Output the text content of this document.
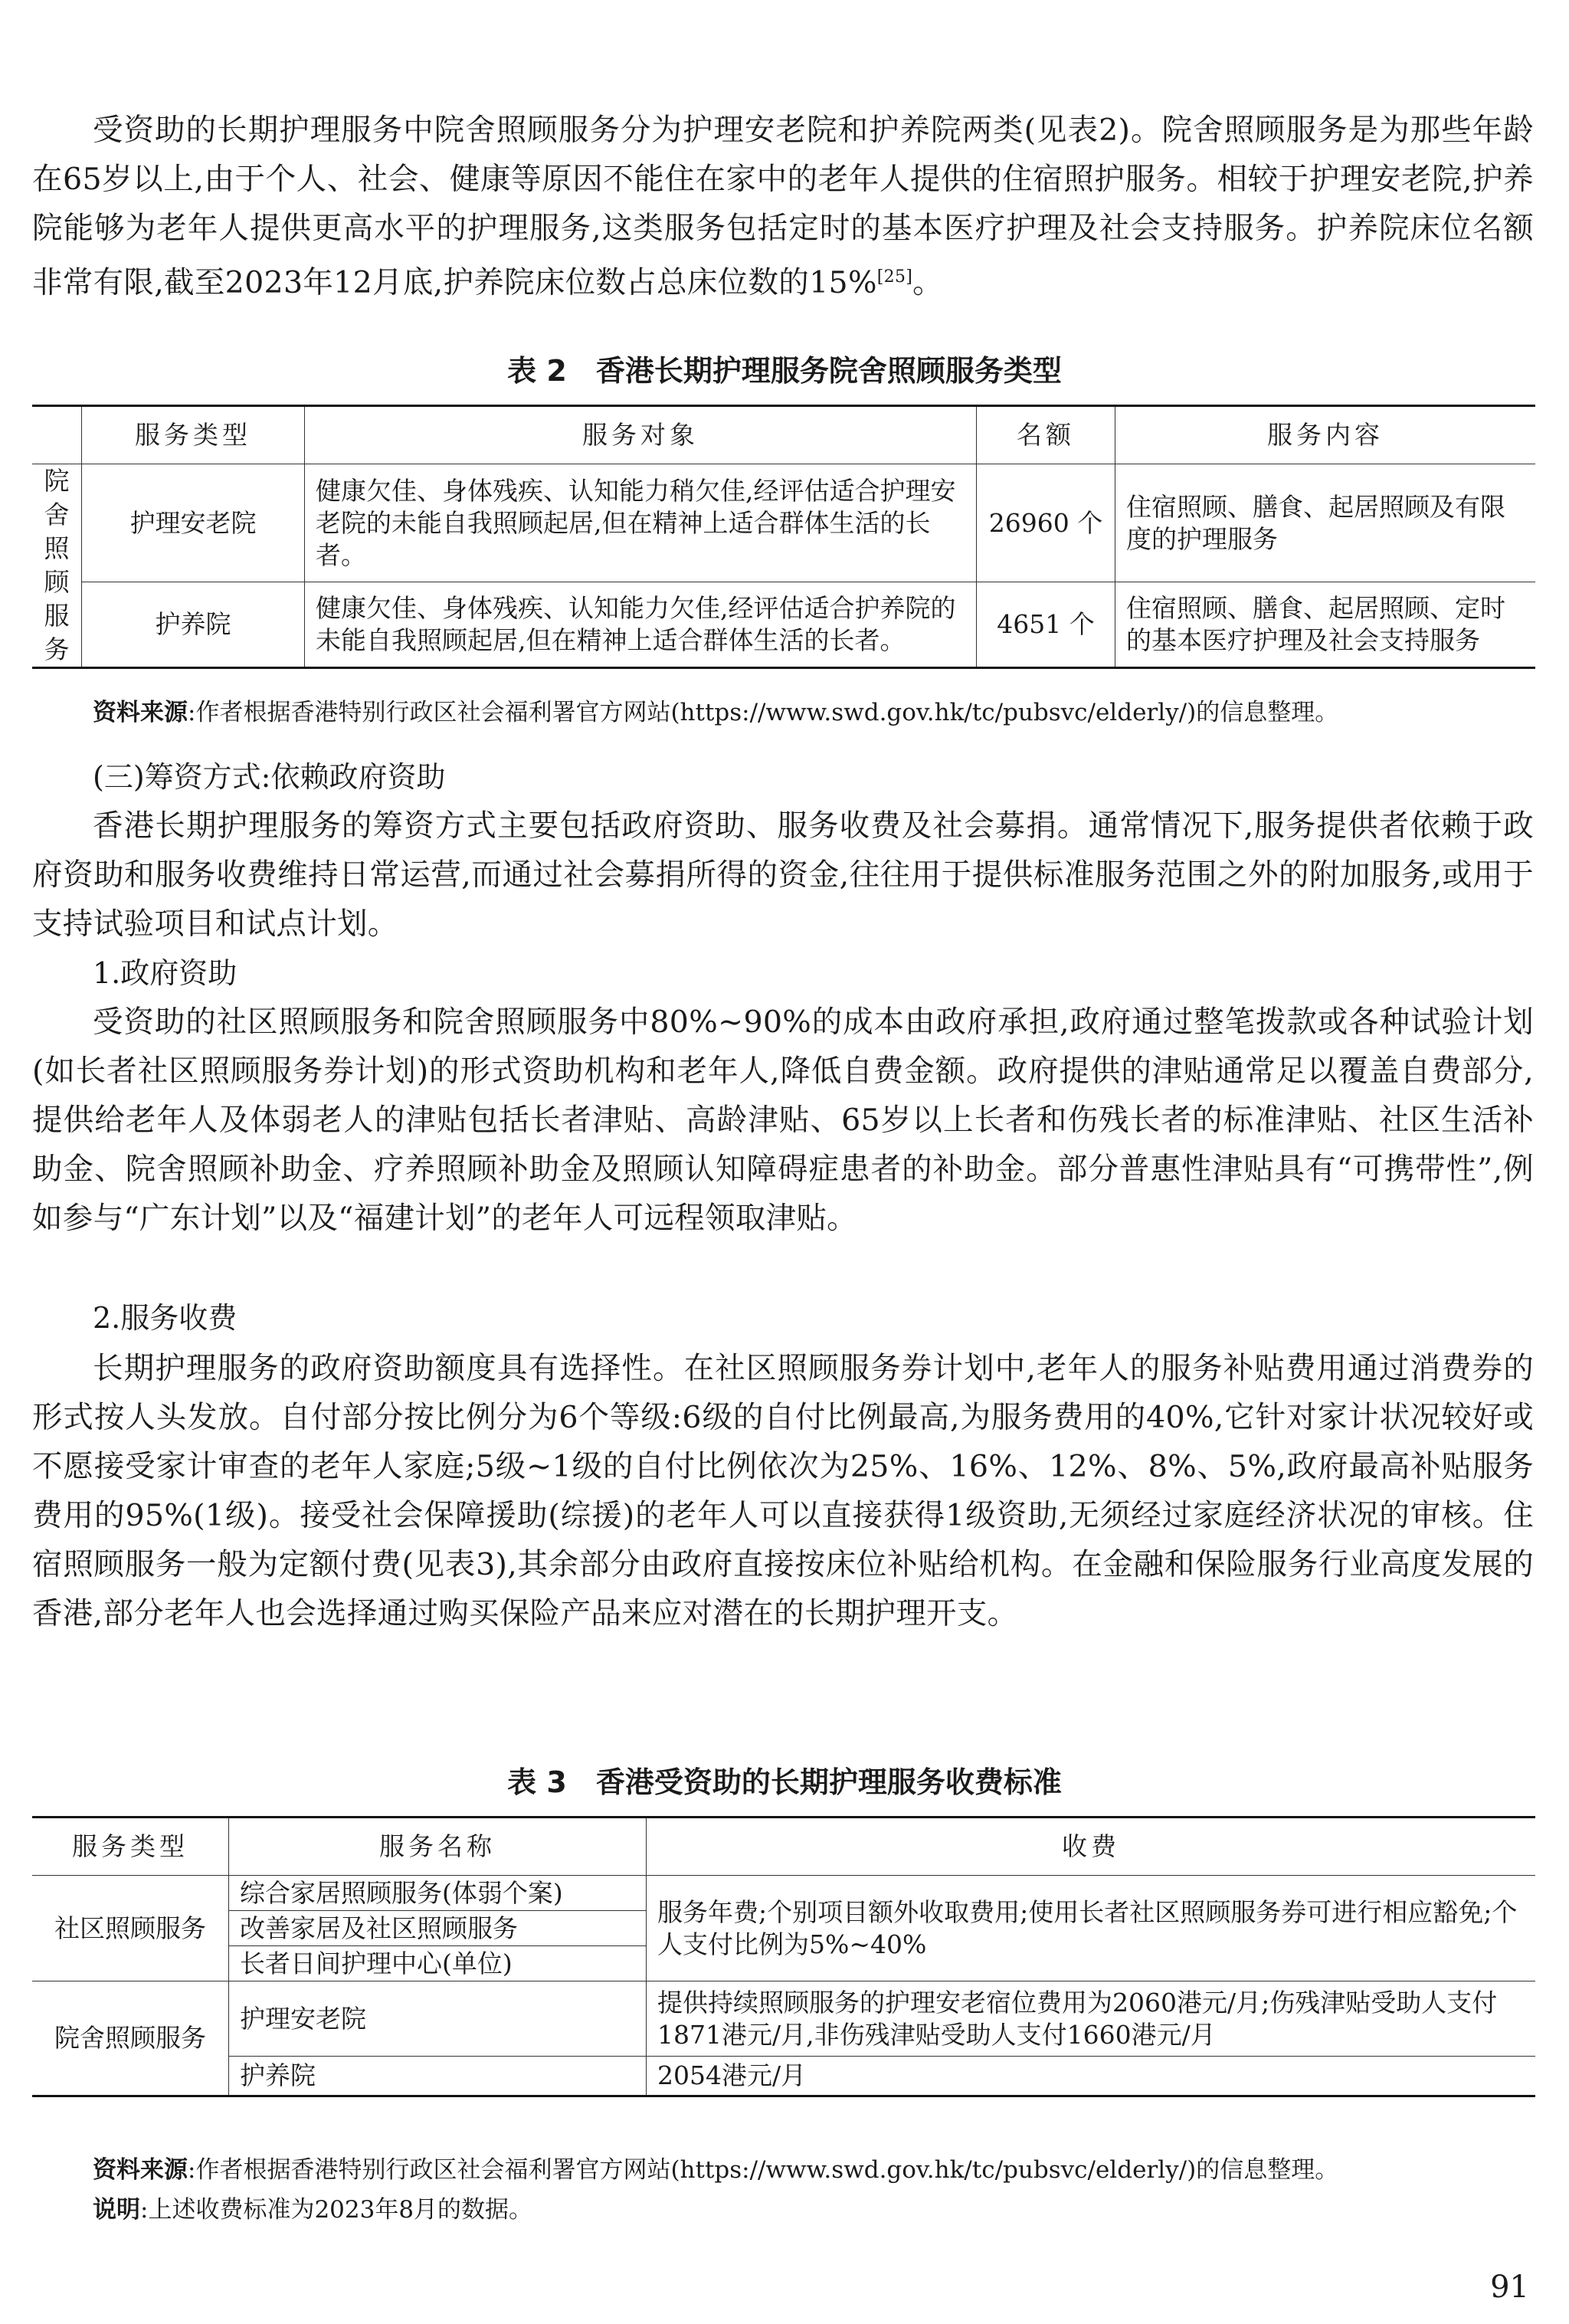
受资助的长期护理服务中院舍照顾服务分为护理安老院和护养院两类(见表2)。院舍照顾服务是为那些年龄在65岁以上,由于个人、社会、健康等原因不能住在家中的老年人提供的住宿照护服务。相较于护理安老院,护养院能够为老年人提供更高水平的护理服务,这类服务包括定时的基本医疗护理及社会支持服务。护养院床位名额非常有限,截至2023年12月底,护养院床位数占总床位数的15%[25]。

表 2　香港长期护理服务院舍照顾服务类型

	服务类型	服务对象	名额	服务内容
院舍照顾服务	护理安老院	健康欠佳、身体残疾、认知能力稍欠佳,经评估适合护理安老院的未能自我照顾起居,但在精神上适合群体生活的长者。	26960 个	住宿照顾、膳食、起居照顾及有限度的护理服务
	护养院	健康欠佳、身体残疾、认知能力欠佳,经评估适合护养院的未能自我照顾起居,但在精神上适合群体生活的长者。	4651 个	住宿照顾、膳食、起居照顾、定时的基本医疗护理及社会支持服务

资料来源:作者根据香港特别行政区社会福利署官方网站(https://www.swd.gov.hk/tc/pubsvc/elderly/)的信息整理。

(三)筹资方式:依赖政府资助

香港长期护理服务的筹资方式主要包括政府资助、服务收费及社会募捐。通常情况下,服务提供者依赖于政府资助和服务收费维持日常运营,而通过社会募捐所得的资金,往往用于提供标准服务范围之外的附加服务,或用于支持试验项目和试点计划。

1.政府资助

受资助的社区照顾服务和院舍照顾服务中80%~90%的成本由政府承担,政府通过整笔拨款或各种试验计划(如长者社区照顾服务券计划)的形式资助机构和老年人,降低自费金额。政府提供的津贴通常足以覆盖自费部分,提供给老年人及体弱老人的津贴包括长者津贴、高龄津贴、65岁以上长者和伤残长者的标准津贴、社区生活补助金、院舍照顾补助金、疗养照顾补助金及照顾认知障碍症患者的补助金。部分普惠性津贴具有“可携带性”,例如参与“广东计划”以及“福建计划”的老年人可远程领取津贴。

2.服务收费

长期护理服务的政府资助额度具有选择性。在社区照顾服务券计划中,老年人的服务补贴费用通过消费券的形式按人头发放。自付部分按比例分为6个等级:6级的自付比例最高,为服务费用的40%,它针对家计状况较好或不愿接受家计审查的老年人家庭;5级~1级的自付比例依次为25%、16%、12%、8%、5%,政府最高补贴服务费用的95%(1级)。接受社会保障援助(综援)的老年人可以直接获得1级资助,无须经过家庭经济状况的审核。住宿照顾服务一般为定额付费(见表3),其余部分由政府直接按床位补贴给机构。在金融和保险服务行业高度发展的香港,部分老年人也会选择通过购买保险产品来应对潜在的长期护理开支。

表 3　香港受资助的长期护理服务收费标准

服务类型	服务名称	收费
社区照顾服务	综合家居照顾服务(体弱个案)	服务年费;个别项目额外收取费用;使用长者社区照顾服务券可进行相应豁免;个人支付比例为5%~40%
	改善家居及社区照顾服务	
	长者日间护理中心(单位)	
院舍照顾服务	护理安老院	提供持续照顾服务的护理安老宿位费用为2060港元/月;伤残津贴受助人支付1871港元/月,非伤残津贴受助人支付1660港元/月
	护养院	2054港元/月

资料来源:作者根据香港特别行政区社会福利署官方网站(https://www.swd.gov.hk/tc/pubsvc/elderly/)的信息整理。

说明:上述收费标准为2023年8月的数据。

91
